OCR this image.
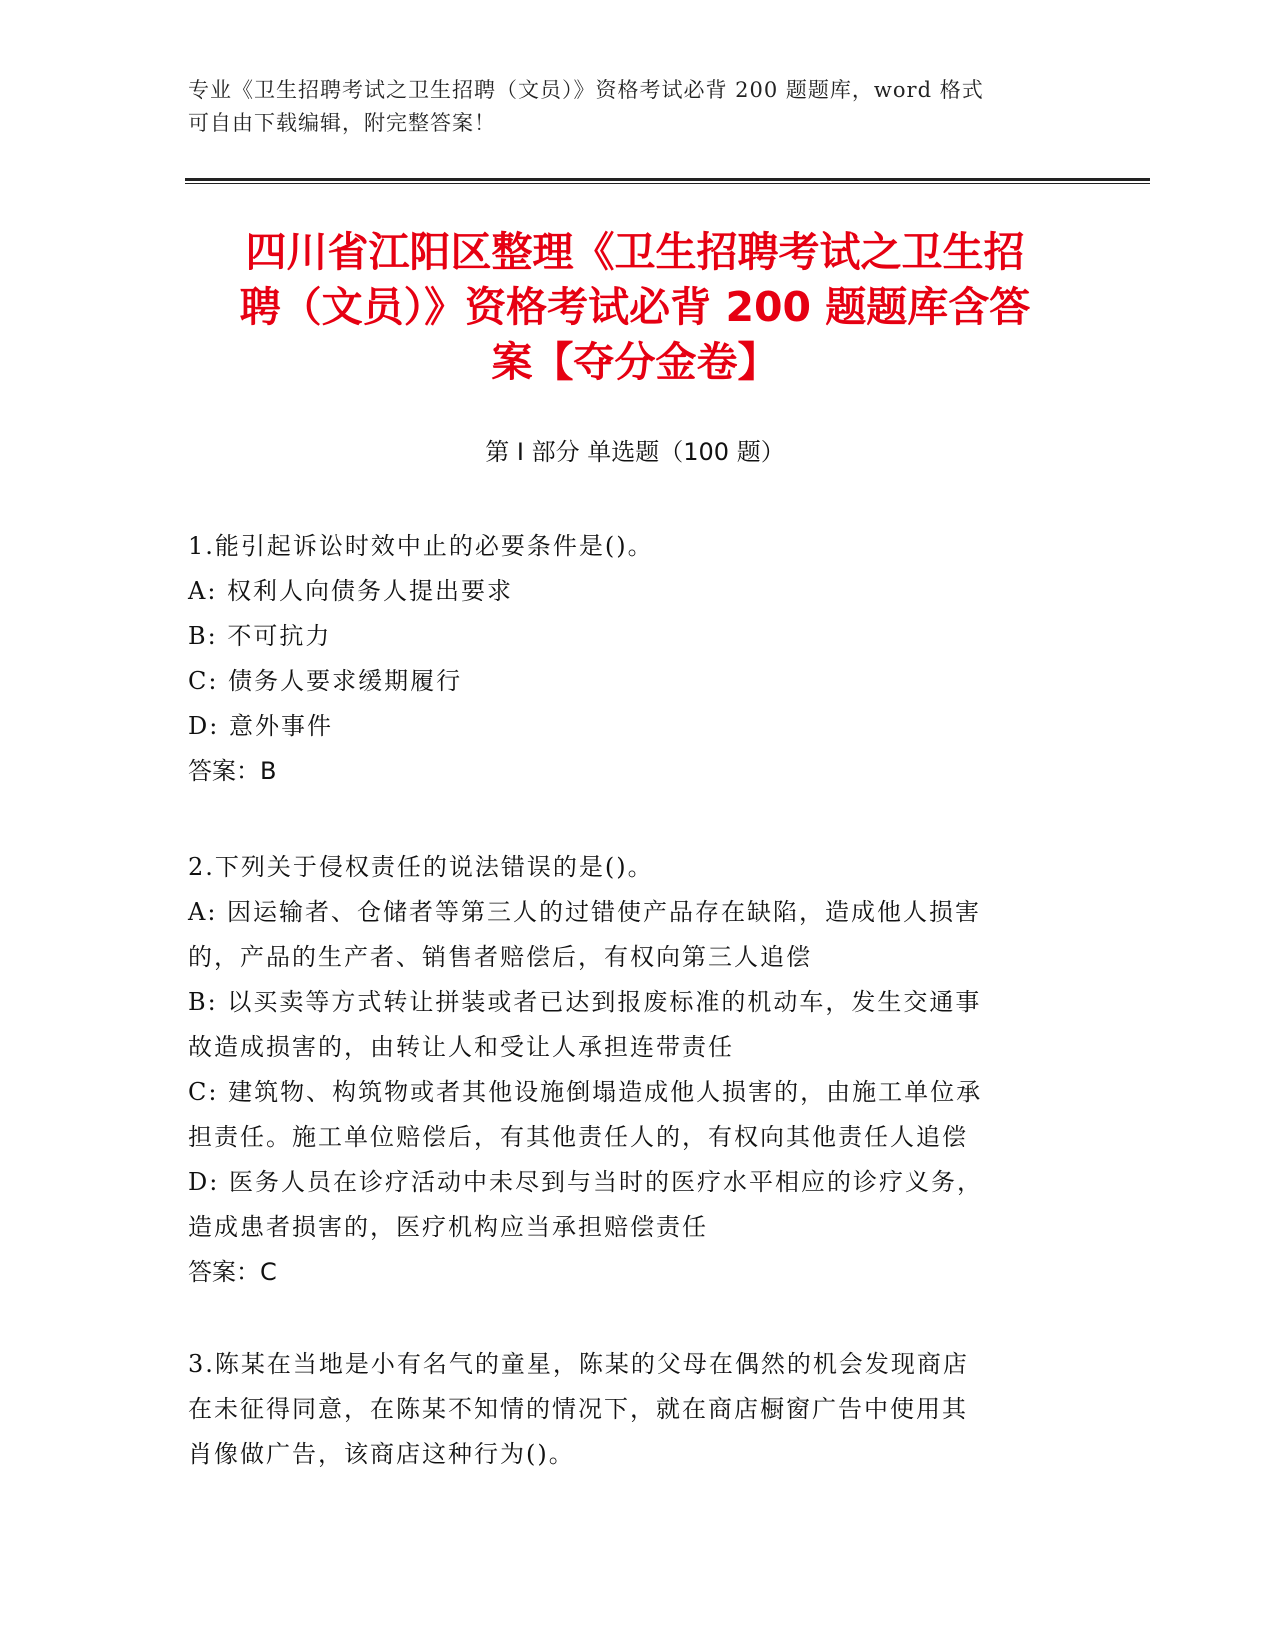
专业《卫生招聘考试之卫生招聘（文员）》资格考试必背 200 题题库，word 格式
可自由下载编辑，附完整答案！
四川省江阳区整理《卫生招聘考试之卫生招
聘（文员）》资格考试必背 200 题题库含答
案【夺分金卷】
第 I 部分 单选题（100 题）
1.能引起诉讼时效中止的必要条件是()。
A: 权利人向债务人提出要求
B: 不可抗力
C: 债务人要求缓期履行
D: 意外事件
答案：B
2.下列关于侵权责任的说法错误的是()。
A: 因运输者、仓储者等第三人的过错使产品存在缺陷，造成他人损害
的，产品的生产者、销售者赔偿后，有权向第三人追偿
B: 以买卖等方式转让拼装或者已达到报废标准的机动车，发生交通事
故造成损害的，由转让人和受让人承担连带责任
C: 建筑物、构筑物或者其他设施倒塌造成他人损害的，由施工单位承
担责任。施工单位赔偿后，有其他责任人的，有权向其他责任人追偿
D: 医务人员在诊疗活动中未尽到与当时的医疗水平相应的诊疗义务，
造成患者损害的，医疗机构应当承担赔偿责任
答案：C
3.陈某在当地是小有名气的童星，陈某的父母在偶然的机会发现商店
在未征得同意，在陈某不知情的情况下，就在商店橱窗广告中使用其
肖像做广告，该商店这种行为()。
